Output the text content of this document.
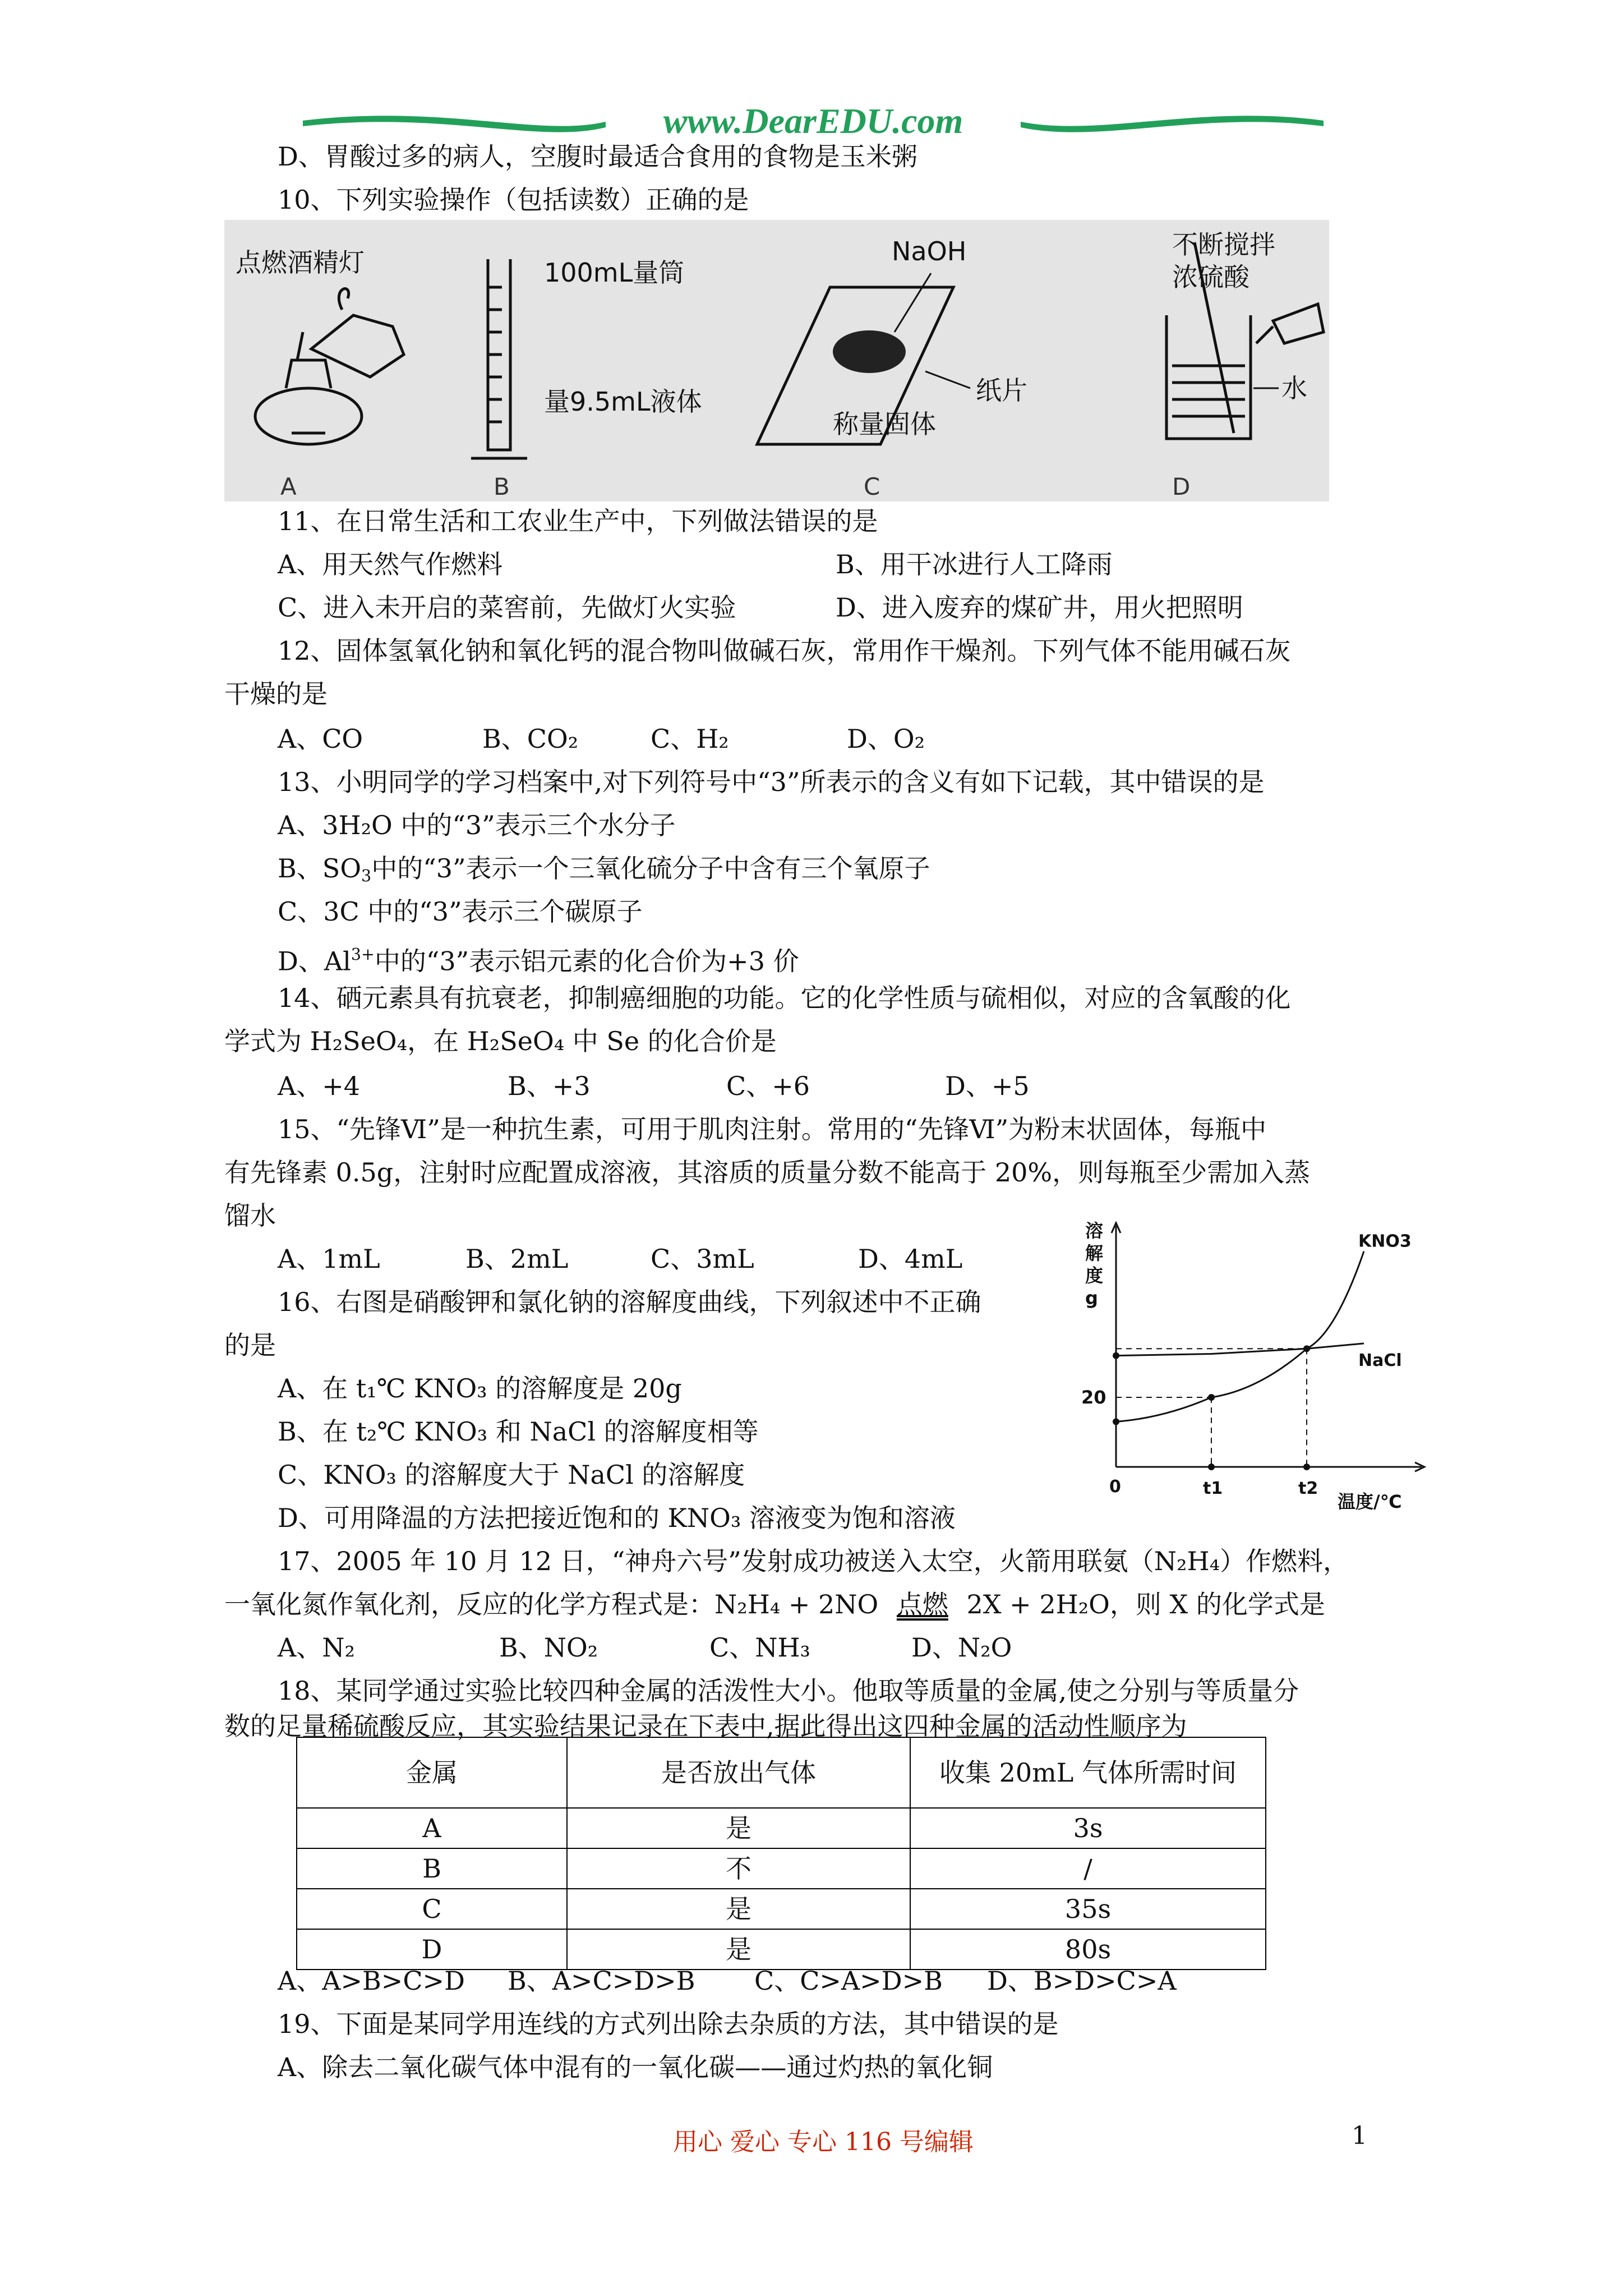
www.DearEDU.com
D、胃酸过多的病人，空腹时最适合食用的食物是玉米粥
10、下列实验操作（包括读数）正确的是
点燃酒精灯
A
100mL量筒
量9.5mL液体
B
NaOH
纸片
称量固体
C
不断搅拌
浓硫酸
水
D
11、在日常生活和工农业生产中，下列做法错误的是
A、用天然气作燃料	B、用干冰进行人工降雨
C、进入未开启的菜窖前，先做灯火实验	D、进入废弃的煤矿井，用火把照明
12、固体氢氧化钠和氧化钙的混合物叫做碱石灰，常用作干燥剂。下列气体不能用碱石灰
干燥的是
A、CO	B、CO₂	C、H₂	D、O₂
13、小明同学的学习档案中,对下列符号中“3”所表示的含义有如下记载，其中错误的是
A、3H₂O 中的“3”表示三个水分子
B、$SO_3$中的“3”表示一个三氧化硫分子中含有三个氧原子
C、3C 中的“3”表示三个碳原子
D、$Al^{3+}$中的“3”表示铝元素的化合价为+3 价
14、硒元素具有抗衰老，抑制癌细胞的功能。它的化学性质与硫相似，对应的含氧酸的化
学式为 H₂SeO₄，在 H₂SeO₄ 中 Se 的化合价是
A、+4	B、+3	C、+6	D、+5
15、“先锋Ⅵ”是一种抗生素，可用于肌肉注射。常用的“先锋Ⅵ”为粉末状固体，每瓶中
有先锋素 0.5g，注射时应配置成溶液，其溶质的质量分数不能高于 20%，则每瓶至少需加入蒸
馏水
A、1mL	B、2mL	C、3mL	D、4mL
16、右图是硝酸钾和氯化钠的溶解度曲线，下列叙述中不正确
的是
A、在 t₁℃ KNO₃ 的溶解度是 20g
B、在 t₂℃ KNO₃ 和 NaCl 的溶解度相等
C、KNO₃ 的溶解度大于 NaCl 的溶解度
D、可用降温的方法把接近饱和的 KNO₃ 溶液变为饱和溶液
溶
解
度
g
温度/℃
0
20
t1	t2
KNO3
NaCl
17、2005 年 10 月 12 日，“神舟六号”发射成功被送入太空，火箭用联氨（N₂H₄）作燃料，
一氧化氮作氧化剂，反应的化学方程式是：N₂H₄ + 2NO 点燃 2X + 2H₂O，则 X 的化学式是
A、N₂	B、NO₂	C、NH₃	D、N₂O
18、某同学通过实验比较四种金属的活泼性大小。他取等质量的金属,使之分别与等质量分
数的足量稀硫酸反应，其实验结果记录在下表中,据此得出这四种金属的活动性顺序为
金属	是否放出气体	收集 20mL 气体所需时间
A	是	3s
B	不	/
C	是	35s
D	是	80s
A、A>B>C>D B、A>C>D>B C、C>A>D>B D、B>D>C>A
19、下面是某同学用连线的方式列出除去杂质的方法，其中错误的是
A、除去二氧化碳气体中混有的一氧化碳——通过灼热的氧化铜
用心 爱心 专心 116 号编辑	1
